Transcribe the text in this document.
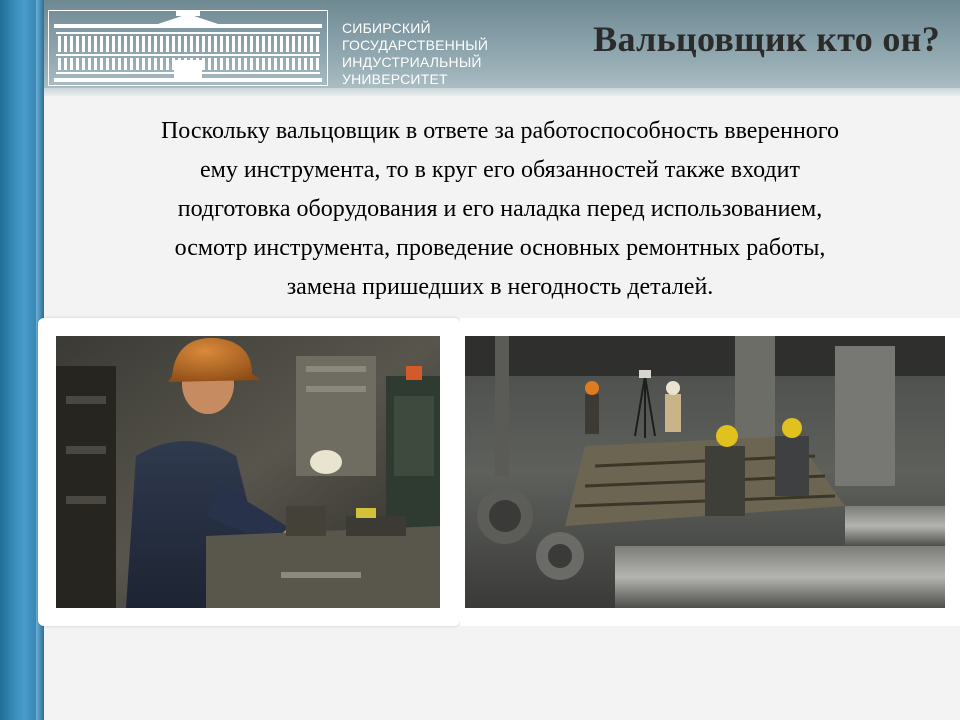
СИБИРСКИЙ
ГОСУДАРСТВЕННЫЙ
ИНДУСТРИАЛЬНЫЙ
УНИВЕРСИТЕТ
Вальцовщик кто он?
Поскольку вальцовщик в ответе за работоспособность вверенного
ему инструмента, то в круг его обязанностей также входит
подготовка оборудования и его наладка перед использованием,
осмотр инструмента, проведение основных ремонтных работы,
замена пришедших в негодность деталей.
